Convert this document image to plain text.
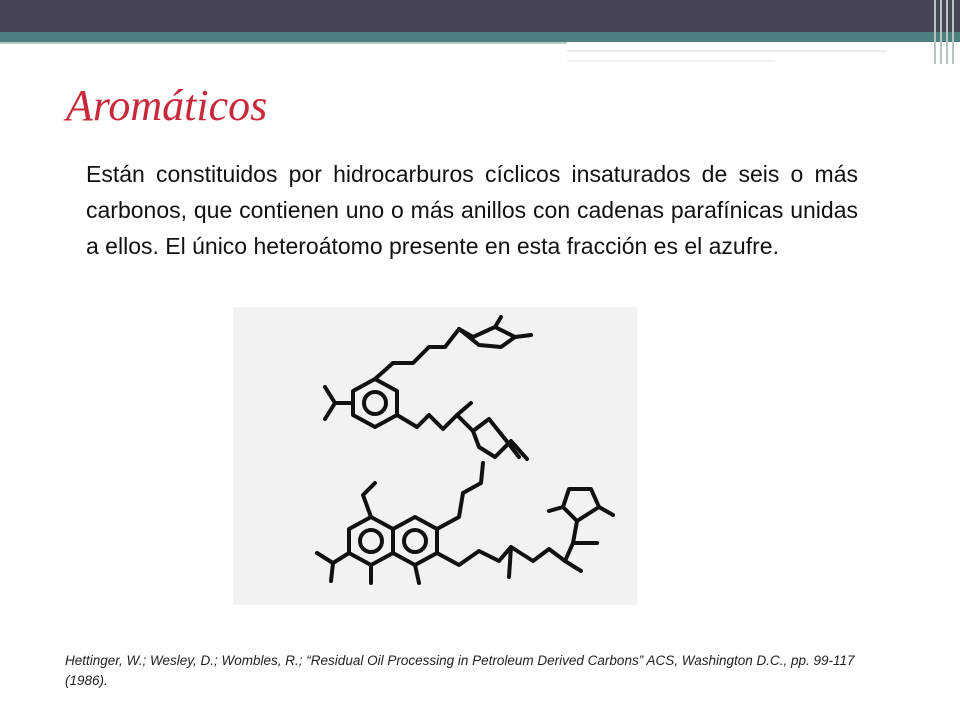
Aromáticos
Están constituidos por hidrocarburos cíclicos insaturados de seis o más carbonos, que contienen uno o más anillos con cadenas parafínicas unidas a ellos. El único heteroátomo presente en esta fracción es el azufre.
Hettinger, W.; Wesley, D.; Wombles, R.; “Residual Oil Processing in Petroleum Derived Carbons” ACS, Washington D.C., pp. 99-117 (1986).
